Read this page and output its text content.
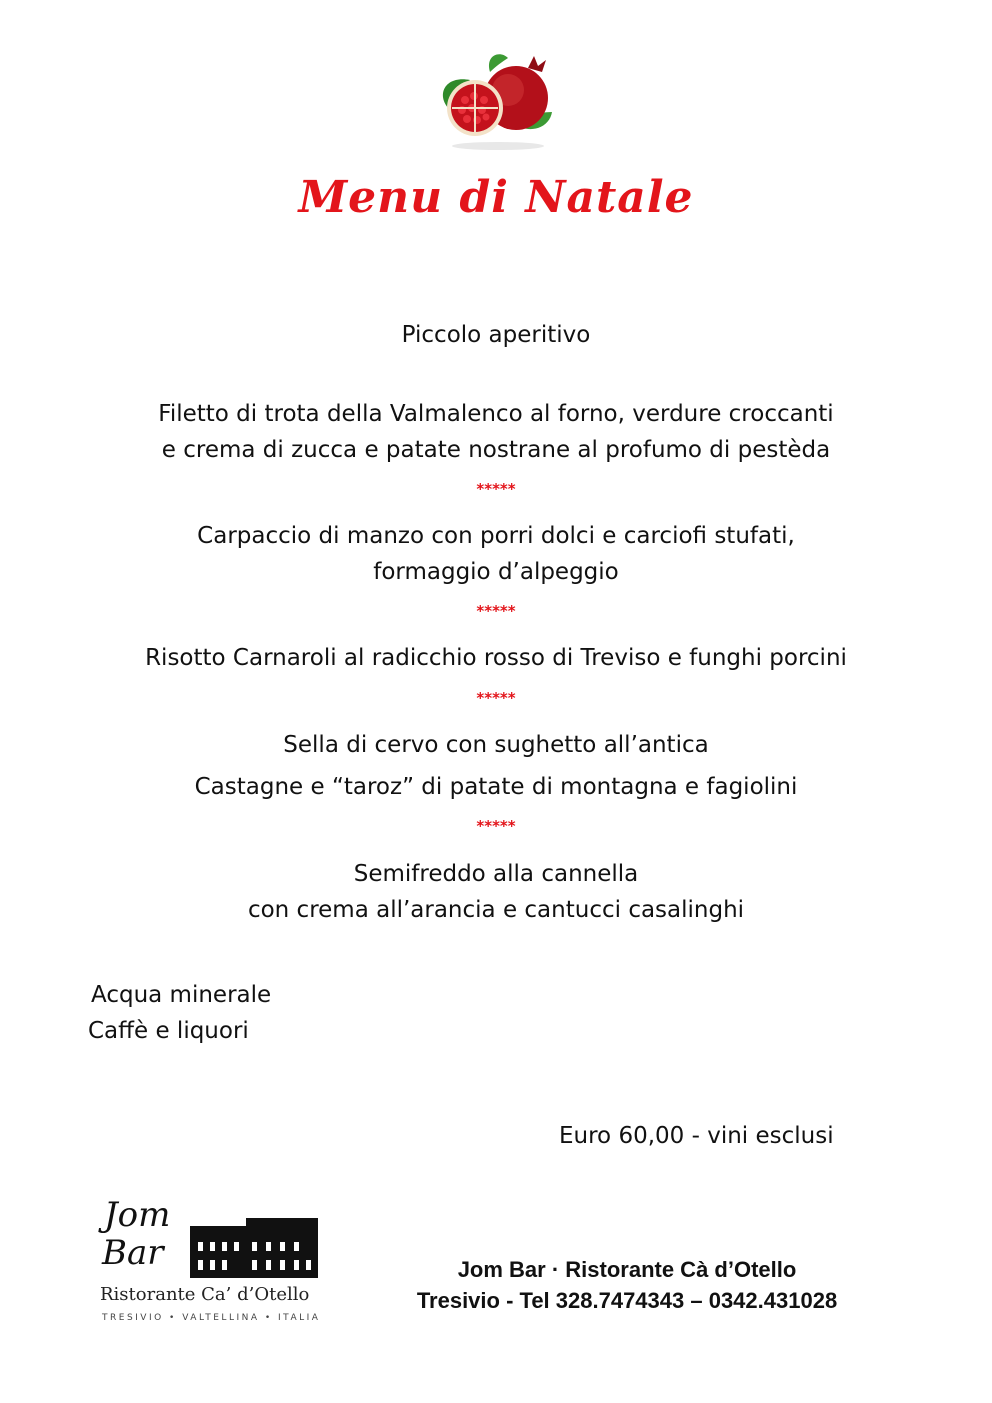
Menu di Natale
Piccolo aperitivo
Filetto di trota della Valmalenco al forno, verdure croccanti
e crema di zucca e patate nostrane al profumo di pestèda
*****
Carpaccio di manzo con porri dolci e carciofi stufati,
formaggio d’alpeggio
*****
Risotto Carnaroli al radicchio rosso di Treviso e funghi porcini
*****
Sella di cervo con sughetto all’antica
Castagne e “taroz” di patate di montagna e fagiolini
*****
Semifreddo alla cannella
con crema all’arancia e cantucci casalinghi
Acqua minerale
Caffè e liquori
Euro 60,00 - vini esclusi
Jom
Bar
Ristorante Ca’ d’Otello
TRESIVIO • VALTELLINA • ITALIA
Jom Bar · Ristorante Cà d’Otello
Tresivio - Tel 328.7474343 – 0342.431028
